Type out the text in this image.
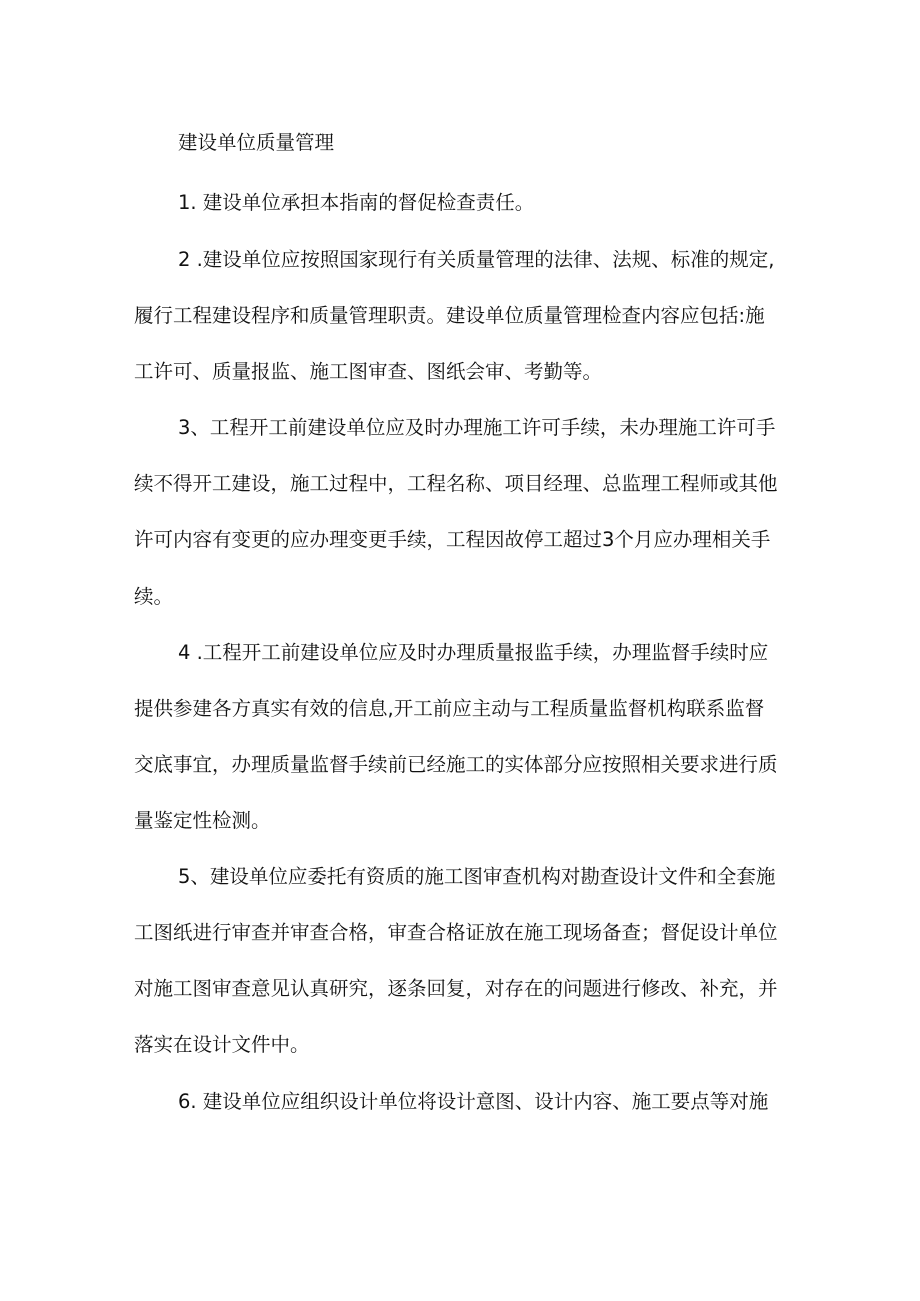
建设单位质量管理

1. 建设单位承担本指南的督促检查责任。

2 .建设单位应按照国家现行有关质量管理的法律、法规、标准的规定,

履行工程建设程序和质量管理职责。建设单位质量管理检查内容应包括:施

工许可、质量报监、施工图审查、图纸会审、考勤等。

3、工程开工前建设单位应及时办理施工许可手续，未办理施工许可手

续不得开工建设，施工过程中，工程名称、项目经理、总监理工程师或其他

许可内容有变更的应办理变更手续，工程因故停工超过3个月应办理相关手

续。

4 .工程开工前建设单位应及时办理质量报监手续，办理监督手续时应

提供参建各方真实有效的信息,开工前应主动与工程质量监督机构联系监督

交底事宜，办理质量监督手续前已经施工的实体部分应按照相关要求进行质

量鉴定性检测。

5、建设单位应委托有资质的施工图审查机构对勘查设计文件和全套施

工图纸进行审查并审查合格，审查合格证放在施工现场备查；督促设计单位

对施工图审查意见认真研究，逐条回复，对存在的问题进行修改、补充，并

落实在设计文件中。

6. 建设单位应组织设计单位将设计意图、设计内容、施工要点等对施
